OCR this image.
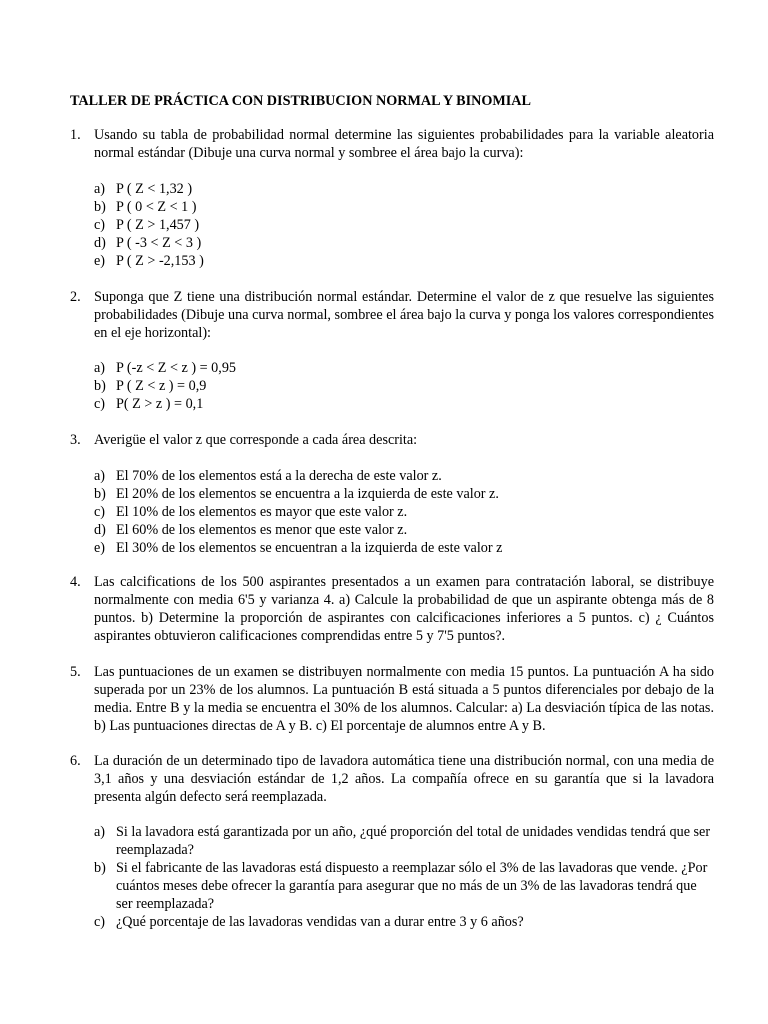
TALLER DE PRÁCTICA CON DISTRIBUCION NORMAL Y BINOMIAL
1. Usando su tabla de probabilidad normal determine las siguientes probabilidades para la variable aleatoria normal estándar (Dibuje una curva normal y sombree el área bajo la curva):
a) P ( Z < 1,32 )
b) P ( 0 < Z < 1 )
c) P ( Z > 1,457 )
d) P ( -3 < Z < 3 )
e) P ( Z > -2,153 )
2. Suponga que Z tiene una distribución normal estándar. Determine el valor de z que resuelve las siguientes probabilidades (Dibuje una curva normal, sombree el área bajo la curva y ponga los valores correspondientes en el eje horizontal):
a) P (-z < Z < z ) = 0,95
b) P ( Z < z ) = 0,9
c) P( Z > z ) = 0,1
3. Averigüe el valor z que corresponde a cada área descrita:
a) El 70% de los elementos está a la derecha de este valor z.
b) El 20% de los elementos se encuentra a la izquierda de este valor z.
c) El 10% de los elementos es mayor que este valor z.
d) El 60% de los elementos es menor que este valor z.
e) El 30% de los elementos se encuentran a la izquierda de este valor z
4. Las calcifications de los 500 aspirantes presentados a un examen para contratación laboral, se distribuye normalmente con media 6'5 y varianza 4. a) Calcule la probabilidad de que un aspirante obtenga más de 8 puntos. b) Determine la proporción de aspirantes con calcificaciones inferiores a 5 puntos. c) ¿ Cuántos aspirantes obtuvieron calificaciones comprendidas entre 5 y 7'5 puntos?.
5. Las puntuaciones de un examen se distribuyen normalmente con media 15 puntos. La puntuación A ha sido superada por un 23% de los alumnos. La puntuación B está situada a 5 puntos diferenciales por debajo de la media. Entre B y la media se encuentra el 30% de los alumnos. Calcular: a) La desviación típica de las notas. b) Las puntuaciones directas de A y B. c) El porcentaje de alumnos entre A y B.
6. La duración de un determinado tipo de lavadora automática tiene una distribución normal, con una media de 3,1 años y una desviación estándar de 1,2 años. La compañía ofrece en su garantía que si la lavadora presenta algún defecto será reemplazada.
a) Si la lavadora está garantizada por un año, ¿qué proporción del total de unidades vendidas tendrá que ser reemplazada?
b) Si el fabricante de las lavadoras está dispuesto a reemplazar sólo el 3% de las lavadoras que vende. ¿Por cuántos meses debe ofrecer la garantía para asegurar que no más de un 3% de las lavadoras tendrá que ser reemplazada?
c) ¿Qué porcentaje de las lavadoras vendidas van a durar entre 3 y 6 años?
